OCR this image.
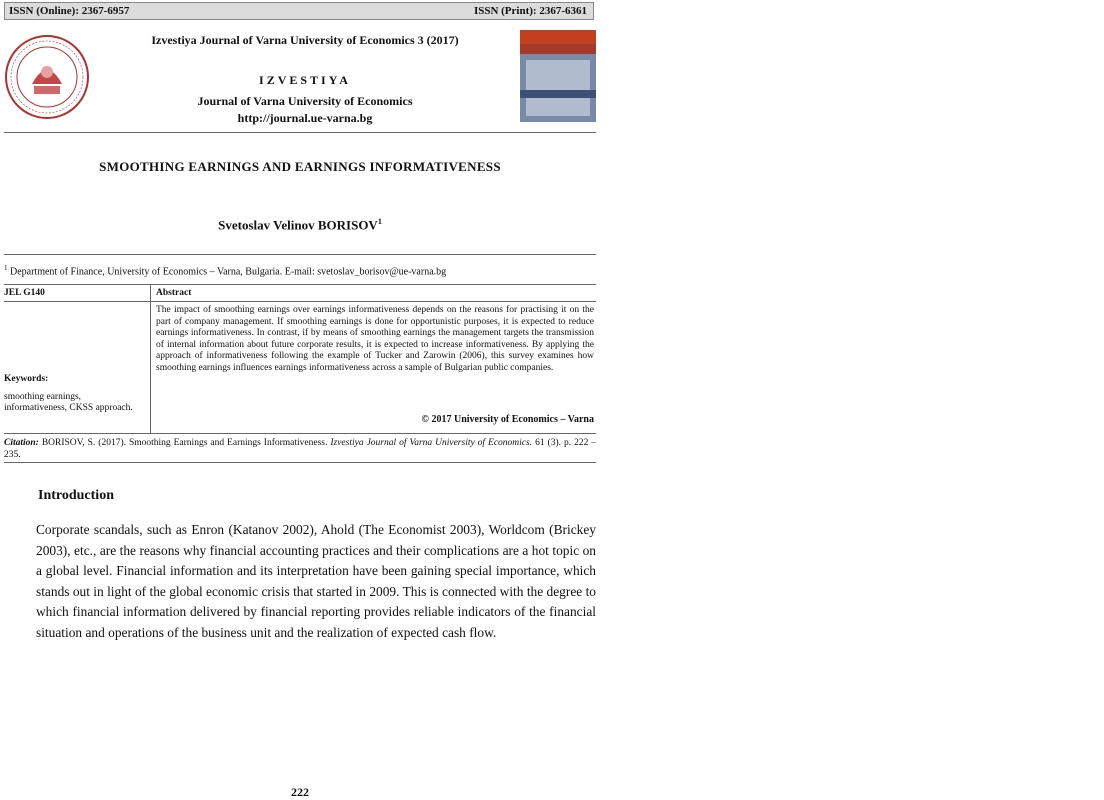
ISSN (Online): 2367-6957	ISSN (Print): 2367-6361
IZVESTIYA
Izvestiya Journal of Varna University of Economics 3 (2017)
IZVESTIYA
Journal of Varna University of Economics
http://journal.ue-varna.bg
SMOOTHING EARNINGS AND EARNINGS INFORMATIVENESS
Svetoslav Velinov BORISOV$^1$
$^1$ Department of Finance, University of Economics – Varna, Bulgaria. E-mail: svetoslav_borisov@ue-varna.bg
JEL G140	Abstract
The impact of smoothing earnings over earnings informativeness depends on the reasons for practising it on the part of company management. If smoothing earnings is done for opportunistic purposes, it is expected to reduce earnings informativeness. In contrast, if by means of smoothing earnings the management targets the transmission of internal information about future corporate results, it is expected to increase informativeness. By applying the approach of informativeness following the example of Tucker and Zarowin (2006), this survey examines how smoothing earnings influences earnings informativeness across a sample of Bulgarian public companies.
Keywords:
smoothing earnings, informativeness, CKSS approach.
© 2017 University of Economics – Varna
Citation: BORISOV, S. (2017). Smoothing Earnings and Earnings Informativeness. Izvestiya Journal of Varna University of Economics. 61 (3). p. 222 – 235.
Introduction
Corporate scandals, such as Enron (Katanov 2002), Ahold (The Economist 2003), Worldcom (Brickey 2003), etc., are the reasons why financial accounting practices and their complications are a hot topic on a global level. Financial information and its interpretation have been gaining special importance, which stands out in light of the global economic crisis that started in 2009. This is connected with the degree to which financial information delivered by financial reporting provides reliable indicators of the financial situation and operations of the business unit and the realization of expected cash flow.
222
